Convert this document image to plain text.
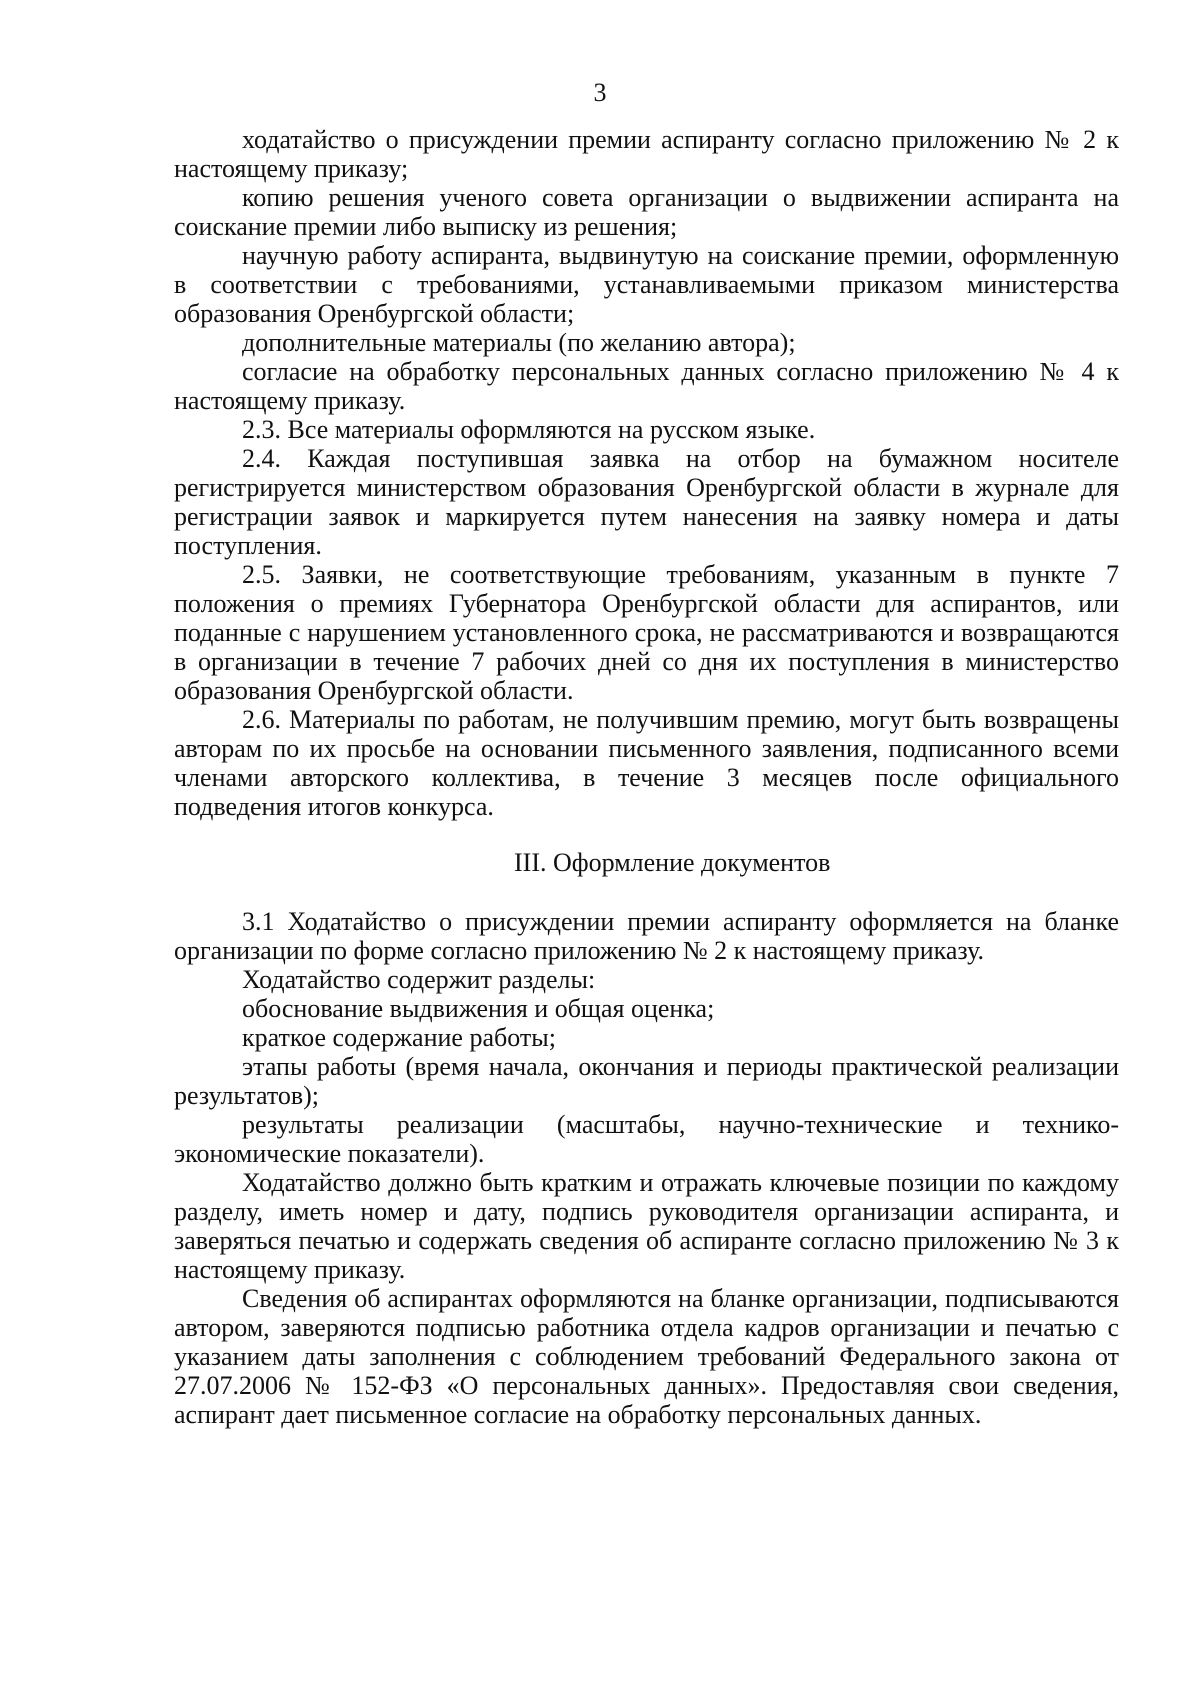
3

ходатайство о присуждении премии аспиранту согласно приложению № 2 к настоящему приказу;

копию решения ученого совета организации о выдвижении аспиранта на соискание премии либо выписку из решения;

научную работу аспиранта, выдвинутую на соискание премии, оформленную в соответствии с требованиями, устанавливаемыми приказом министерства образования Оренбургской области;

дополнительные материалы (по желанию автора);

согласие на обработку персональных данных согласно приложению № 4 к настоящему приказу.

2.3. Все материалы оформляются на русском языке.

2.4. Каждая поступившая заявка на отбор на бумажном носителе регистрируется министерством образования Оренбургской области в журнале для регистрации заявок и маркируется путем нанесения на заявку номера и даты поступления.

2.5. Заявки, не соответствующие требованиям, указанным в пункте 7 положения о премиях Губернатора Оренбургской области для аспирантов, или поданные с нарушением установленного срока, не рассматриваются и возвращаются в организации в течение 7 рабочих дней со дня их поступления в министерство образования Оренбургской области.

2.6. Материалы по работам, не получившим премию, могут быть возвращены авторам по их просьбе на основании письменного заявления, подписанного всеми членами авторского коллектива, в течение 3 месяцев после официального подведения итогов конкурса.

III. Оформление документов

3.1 Ходатайство о присуждении премии аспиранту оформляется на бланке организации по форме согласно приложению № 2 к настоящему приказу.

Ходатайство содержит разделы:

обоснование выдвижения и общая оценка;

краткое содержание работы;

этапы работы (время начала, окончания и периоды практической реализации результатов);

результаты реализации (масштабы, научно-технические и технико-экономические показатели).

Ходатайство должно быть кратким и отражать ключевые позиции по каждому разделу, иметь номер и дату, подпись руководителя организации аспиранта, и заверяться печатью и содержать сведения об аспиранте согласно приложению № 3 к настоящему приказу.

Сведения об аспирантах оформляются на бланке организации, подписываются автором, заверяются подписью работника отдела кадров организации и печатью с указанием даты заполнения с соблюдением требований Федерального закона от 27.07.2006 № 152-ФЗ «О персональных данных». Предоставляя свои сведения, аспирант дает письменное согласие на обработку персональных данных.
